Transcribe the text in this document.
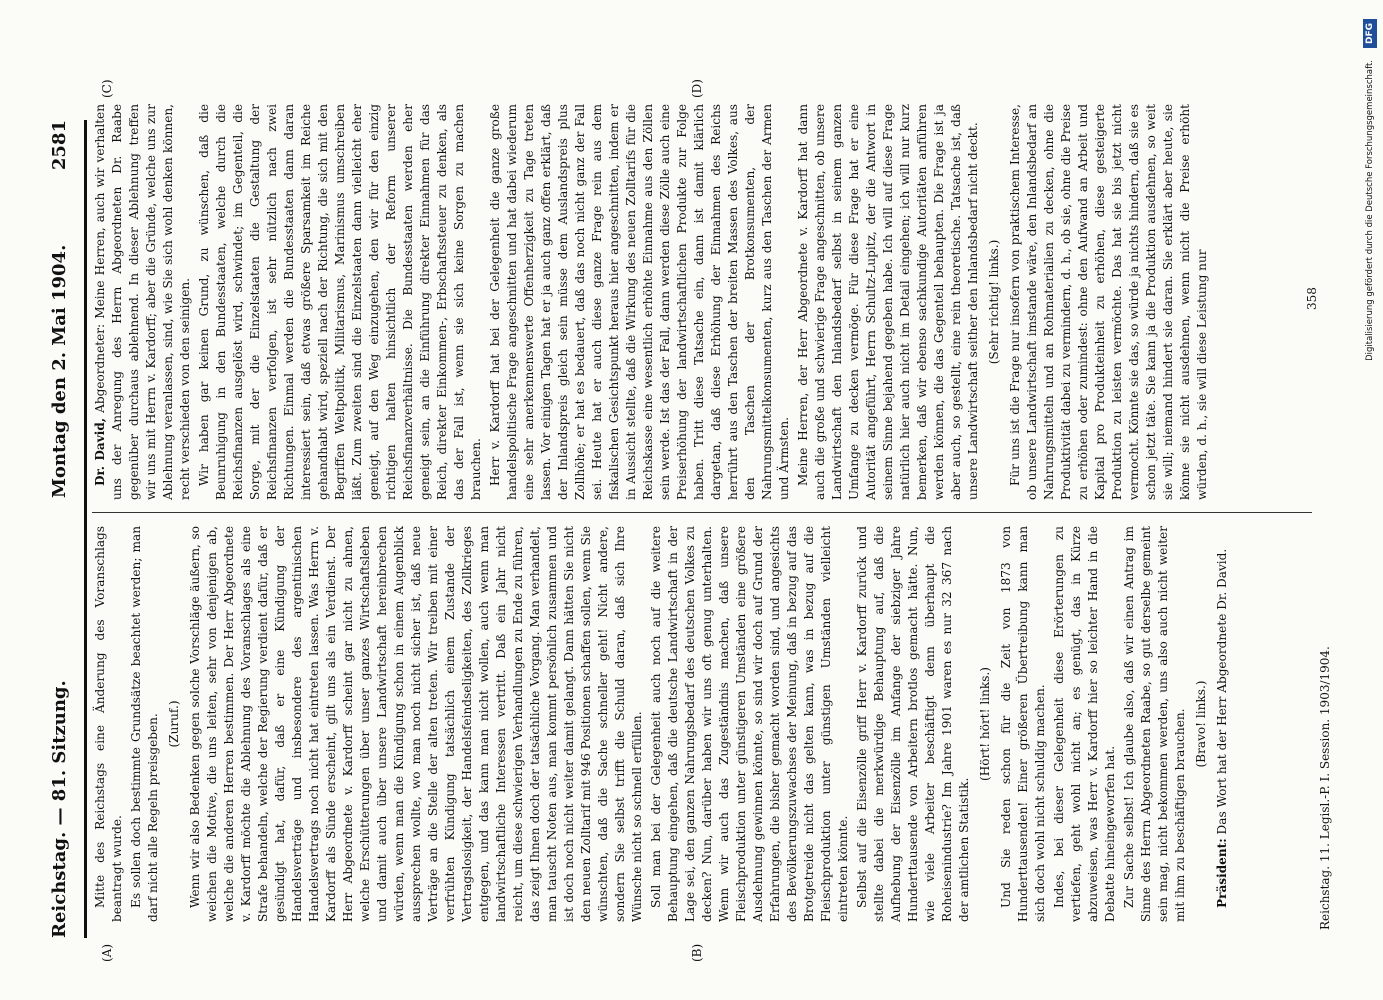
Reichstag. — 81. Sitzung.
Montag den 2. Mai 1904.
2581
(A)	(B)
(C)	(D)

Mitte des Reichstags eine Änderung des Voranschlags beantragt wurde. Es sollen doch bestimmte Grundsätze beachtet werden; man darf nicht alle Regeln preisgeben. (Zuruf.) Wenn wir also Bedenken gegen solche Vorschläge äußern, so weichen die Motive, die uns leiten, sehr von denjenigen ab, welche die anderen Herren bestimmen. Der Herr Abgeordnete v. Kardorff möchte die Ablehnung des Voranschlages als eine Strafe behandeln, welche der Regierung verdient dafür, daß er gesündigt hat, dafür, daß er eine Kündigung der Handelsverträge und insbesondere des argentinischen Handelsvertrags noch nicht hat eintreten lassen. Was Herrn v. Kardorff als Sünde erscheint, gilt uns als ein Verdienst. Der Herr Abgeordnete v. Kardorff scheint gar nicht zu ahnen, welche Erschütterungen über unser ganzes Wirtschaftsleben und damit auch über unsere Landwirtschaft hereinbrechen würden, wenn man die Kündigung schon in einem Augenblick aussprechen wollte, wo man noch nicht sicher ist, daß neue Verträge an die Stelle der alten treten. Wir treiben mit einer verfrühten Kündigung tatsächlich einem Zustande der Vertragslosigkeit, der Handelsfeindseligkeiten, des Zollkrieges entgegen, und das kann man nicht wollen, auch wenn man landwirtschaftliche Interessen vertritt. Daß ein Jahr nicht reicht, um diese schwierigen Verhandlungen zu Ende zu führen, das zeigt Ihnen doch der tatsächliche Vorgang. Man verhandelt, man tauscht Noten aus, man kommt persönlich zusammen und ist doch noch nicht weiter damit gelangt. Dann hätten Sie nicht den neuen Zolltarif mit 946 Positionen schaffen sollen, wenn Sie wünschten, daß die Sache schneller geht! Nicht andere, sondern Sie selbst trifft die Schuld daran, daß sich Ihre Wünsche nicht so schnell erfüllen. Soll man bei der Gelegenheit auch noch auf die weitere Behauptung eingehen, daß die deutsche Landwirtschaft in der Lage sei, den ganzen Nahrungsbedarf des deutschen Volkes zu decken? Nun, darüber haben wir uns oft genug unterhalten. Wenn wir auch das Zugeständnis machen, daß unsere Fleischproduktion unter günstigeren Umständen eine größere Ausdehnung gewinnen könnte, so sind wir doch auf Grund der Erfahrungen, die bisher gemacht worden sind, und angesichts des Bevölkerungszuwachses der Meinung, daß in bezug auf das Brotgetreide nicht das gelten kann, was in bezug auf die Fleischproduktion unter günstigen Umständen vielleicht eintreten könnte. Selbst auf die Eisenzölle griff Herr v. Kardorff zurück und stellte dabei die merkwürdige Behauptung auf, daß die Aufhebung der Eisenzölle im Anfange der siebziger Jahre Hunderttausende von Arbeitern brotlos gemacht hätte. Nun, wie viele Arbeiter beschäftigt denn überhaupt die Roheisenindustrie? Im Jahre 1901 waren es nur 32 367 nach der amtlichen Statistik.

(Hört! hört! links.) Und Sie reden schon für die Zeit von 1873 von Hunderttausenden! Einer größeren Übertreibung kann man sich doch wohl nicht schuldig machen. Indes, bei dieser Gelegenheit diese Erörterungen zu vertiefen, geht wohl nicht an; es genügt, das in Kürze abzuweisen, was Herr v. Kardorff hier so leichter Hand in die Debatte hineingeworfen hat. Zur Sache selbst! Ich glaube also, daß wir einen Antrag im Sinne des Herrn Abgeordneten Raabe, so gut derselbe gemeint sein mag, nicht bekommen werden, uns also auch nicht weiter mit ihm zu beschäftigen brauchen. (Bravo! links.)

Präsident: Das Wort hat der Herr Abgeordnete Dr. David.

Dr. David, Abgeordneter: Meine Herren, auch wir verhalten uns der Anregung des Herrn Abgeordneten Dr. Raabe gegenüber durchaus ablehnend. In dieser Ablehnung treffen wir uns mit Herrn v. Kardorff; aber die Gründe, welche uns zur Ablehnung veranlassen, sind, wie Sie sich wohl denken können, recht verschieden von den seinigen. Wir haben gar keinen Grund, zu wünschen, daß die Beunruhigung in den Bundesstaaten, welche durch die Reichsfinanzen ausgelöst wird, schwindet; im Gegenteil, die Sorge, mit der die Einzelstaaten die Gestaltung der Reichsfinanzen verfolgen, ist sehr nützlich nach zwei Richtungen. Einmal werden die Bundesstaaten dann daran interessiert sein, daß etwas größere Sparsamkeit im Reiche gehandhabt wird, speziell nach der Richtung, die sich mit den Begriffen Weltpolitik, Militarismus, Marinismus umschreiben läßt. Zum zweiten sind die Einzelstaaten dann vielleicht eher geneigt, auf den Weg einzugehen, den wir für den einzig richtigen halten hinsichtlich der Reform unserer Reichsfinanzverhältnisse. Die Bundesstaaten werden eher geneigt sein, an die Einführung direkter Einnahmen für das Reich, direkter Einkommen-, Erbschaftssteuer zu denken, als das der Fall ist, wenn sie sich keine Sorgen zu machen brauchen. Herr v. Kardorff hat bei der Gelegenheit die ganze große handelspolitische Frage angeschnitten und hat dabei wiederum eine sehr anerkennenswerte Offenherzigkeit zu Tage treten lassen. Vor einigen Tagen hat er ja auch ganz offen erklärt, daß der Inlandspreis gleich sein müsse dem Auslandspreis plus Zollhöhe; er hat es bedauert, daß das noch nicht ganz der Fall sei. Heute hat er auch diese ganze Frage rein aus dem fiskalischen Gesichtspunkt heraus hier angeschnitten, indem er in Aussicht stellte, daß die Wirkung des neuen Zolltarifs für die Reichskasse eine wesentlich erhöhte Einnahme aus den Zöllen sein werde. Ist das der Fall, dann werden diese Zölle auch eine Preiserhöhung der landwirtschaftlichen Produkte zur Folge haben. Tritt diese Tatsache ein, dann ist damit klärlich dargetan, daß diese Erhöhung der Einnahmen des Reichs herrührt aus den Taschen der breiten Massen des Volkes, aus den Taschen der Brotkonsumenten, der Nahrungsmittelkonsumenten, kurz aus den Taschen der Armen und Ärmsten. Meine Herren, der Herr Abgeordnete v. Kardorff hat dann auch die große und schwierige Frage angeschnitten, ob unsere Landwirtschaft den Inlandsbedarf selbst in seinem ganzen Umfange zu decken vermöge. Für diese Frage hat er eine Autorität angeführt, Herrn Schultz-Lupitz, der die Antwort in seinem Sinne bejahend gegeben habe. Ich will auf diese Frage natürlich hier auch nicht im Detail eingehen; ich will nur kurz bemerken, daß wir ebenso sachkundige Autoritäten anführen werden können, die das Gegenteil behaupten. Die Frage ist ja aber auch, so gestellt, eine rein theoretische. Tatsache ist, daß unsere Landwirtschaft seither den Inlandsbedarf nicht deckt. (Sehr richtig! links.) Für uns ist die Frage nur insofern von praktischem Interesse, ob unsere Landwirtschaft imstande wäre, den Inlandsbedarf an Nahrungsmitteln und an Rohmaterialien zu decken, ohne die Produktivität dabei zu vermindern, d. h., ob sie, ohne die Preise zu erhöhen oder zumindest: ohne den Aufwand an Arbeit und Kapital pro Produkteinheit zu erhöhen, diese gesteigerte Produktion zu leisten vermöchte. Das hat sie bis jetzt nicht vermocht. Könnte sie das, so würde ja nichts hindern, daß sie es schon jetzt täte. Sie kann ja die Produktion ausdehnen, so weit sie will; niemand hindert sie daran. Sie erklärt aber heute, sie könne sie nicht ausdehnen, wenn nicht die Preise erhöht würden, d. h., sie will diese Leistung nur

Reichstag. 11. Legisl.-P. I. Session. 1903/1904.
358	Digitalisierung gefördert durch die Deutsche Forschungsgemeinschaft.
DFG
